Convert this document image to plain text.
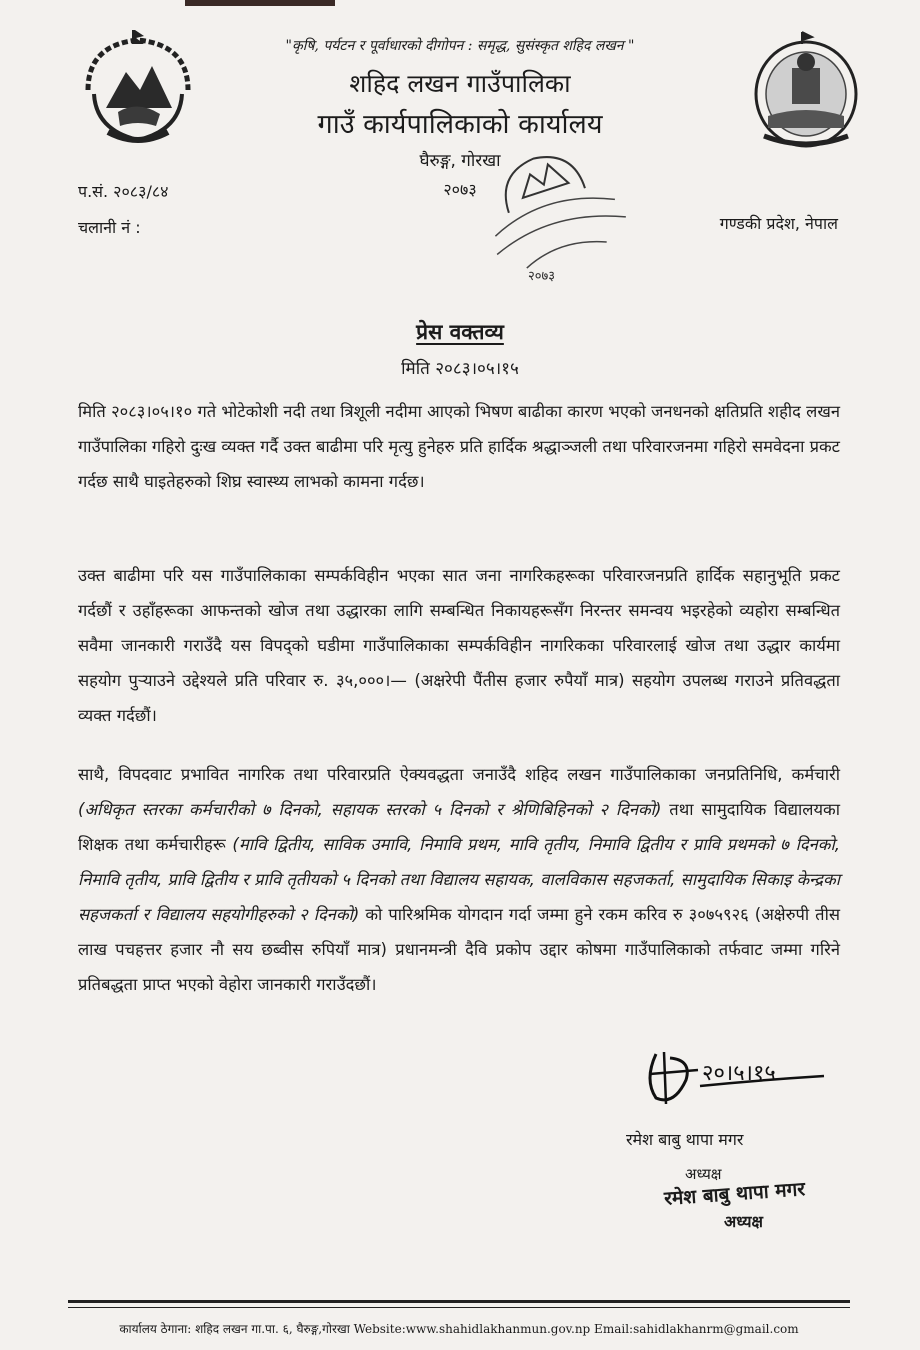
"कृषि, पर्यटन र पूर्वाधारको दीगोपन : समृद्ध, सुसंस्कृत शहिद लखन "
शहिद लखन गाउँपालिका
गाउँ कार्यपालिकाको कार्यालय
घैरुङ्ग, गोरखा
२०७३
प.सं. २०८३/८४
चलानी नं :	गण्डकी प्रदेश, नेपाल
२०७३
प्रेस वक्तव्य
मिति २०८३।०५।१५

मिति २०८३।०५।१० गते भोटेकोशी नदी तथा त्रिशूली नदीमा आएको भिषण बाढीका कारण भएको जनधनको क्षतिप्रति शहीद लखन गाउँपालिका गहिरो दुःख व्यक्त गर्दै उक्त बाढीमा परि मृत्यु हुनेहरु प्रति हार्दिक श्रद्धाञ्जली तथा परिवारजनमा गहिरो समवेदना प्रकट गर्दछ साथै घाइतेहरुको शिघ्र स्वास्थ्य लाभको कामना गर्दछ।

उक्त बाढीमा परि यस गाउँपालिकाका सम्पर्कविहीन भएका सात जना नागरिकहरूका परिवारजनप्रति हार्दिक सहानुभूति प्रकट गर्दछौं र उहाँहरूका आफन्तको खोज तथा उद्धारका लागि सम्बन्धित निकायहरूसँग निरन्तर समन्वय भइरहेको व्यहोरा सम्बन्धित सवैमा जानकारी गराउँदै यस विपद्को घडीमा गाउँपालिकाका सम्पर्कविहीन नागरिकका परिवारलाई खोज तथा उद्धार कार्यमा सहयोग पुऱ्याउने उद्देश्यले प्रति परिवार रु. ३५,०००।— (अक्षरेपी पैंतीस हजार रुपैयाँ मात्र) सहयोग उपलब्ध गराउने प्रतिवद्धता व्यक्त गर्दछौं।

साथै, विपदवाट प्रभावित नागरिक तथा परिवारप्रति ऐक्यवद्धता जनाउँदै शहिद लखन गाउँपालिकाका जनप्रतिनिधि, कर्मचारी (अधिकृत स्तरका कर्मचारीको ७ दिनको, सहायक स्तरको ५ दिनको र श्रेणिबिहिनको २ दिनको) तथा सामुदायिक विद्यालयका शिक्षक तथा कर्मचारीहरू (मावि द्वितीय, साविक उमावि, निमावि प्रथम, मावि तृतीय, निमावि द्वितीय र प्रावि प्रथमको ७ दिनको, निमावि तृतीय, प्रावि द्वितीय र प्रावि तृतीयको ५ दिनको तथा विद्यालय सहायक, वालविकास सहजकर्ता, सामुदायिक सिकाइ केन्द्रका सहजकर्ता र विद्यालय सहयोगीहरुको २ दिनको) को पारिश्रमिक योगदान गर्दा जम्मा हुने रकम करिव रु ३०७५९२६ (अक्षेरुपी तीस लाख पचहत्तर हजार नौ सय छब्वीस रुपियाँ मात्र) प्रधानमन्त्री दैवि प्रकोप उद्दार कोषमा गाउँपालिकाको तर्फवाट जम्मा गरिने प्रतिबद्धता प्राप्त भएको वेहोरा जानकारी गराउँदछौं।

२०।५।१५
रमेश बाबु थापा मगर
अध्यक्ष
रमेश बाबु थापा मगर
अध्यक्ष
कार्यालय ठेगाना: शहिद लखन गा.पा. ६, घैरुङ्ग,गोरखा Website:www.shahidlakhanmun.gov.np Email:sahidlakhanrm@gmail.com
